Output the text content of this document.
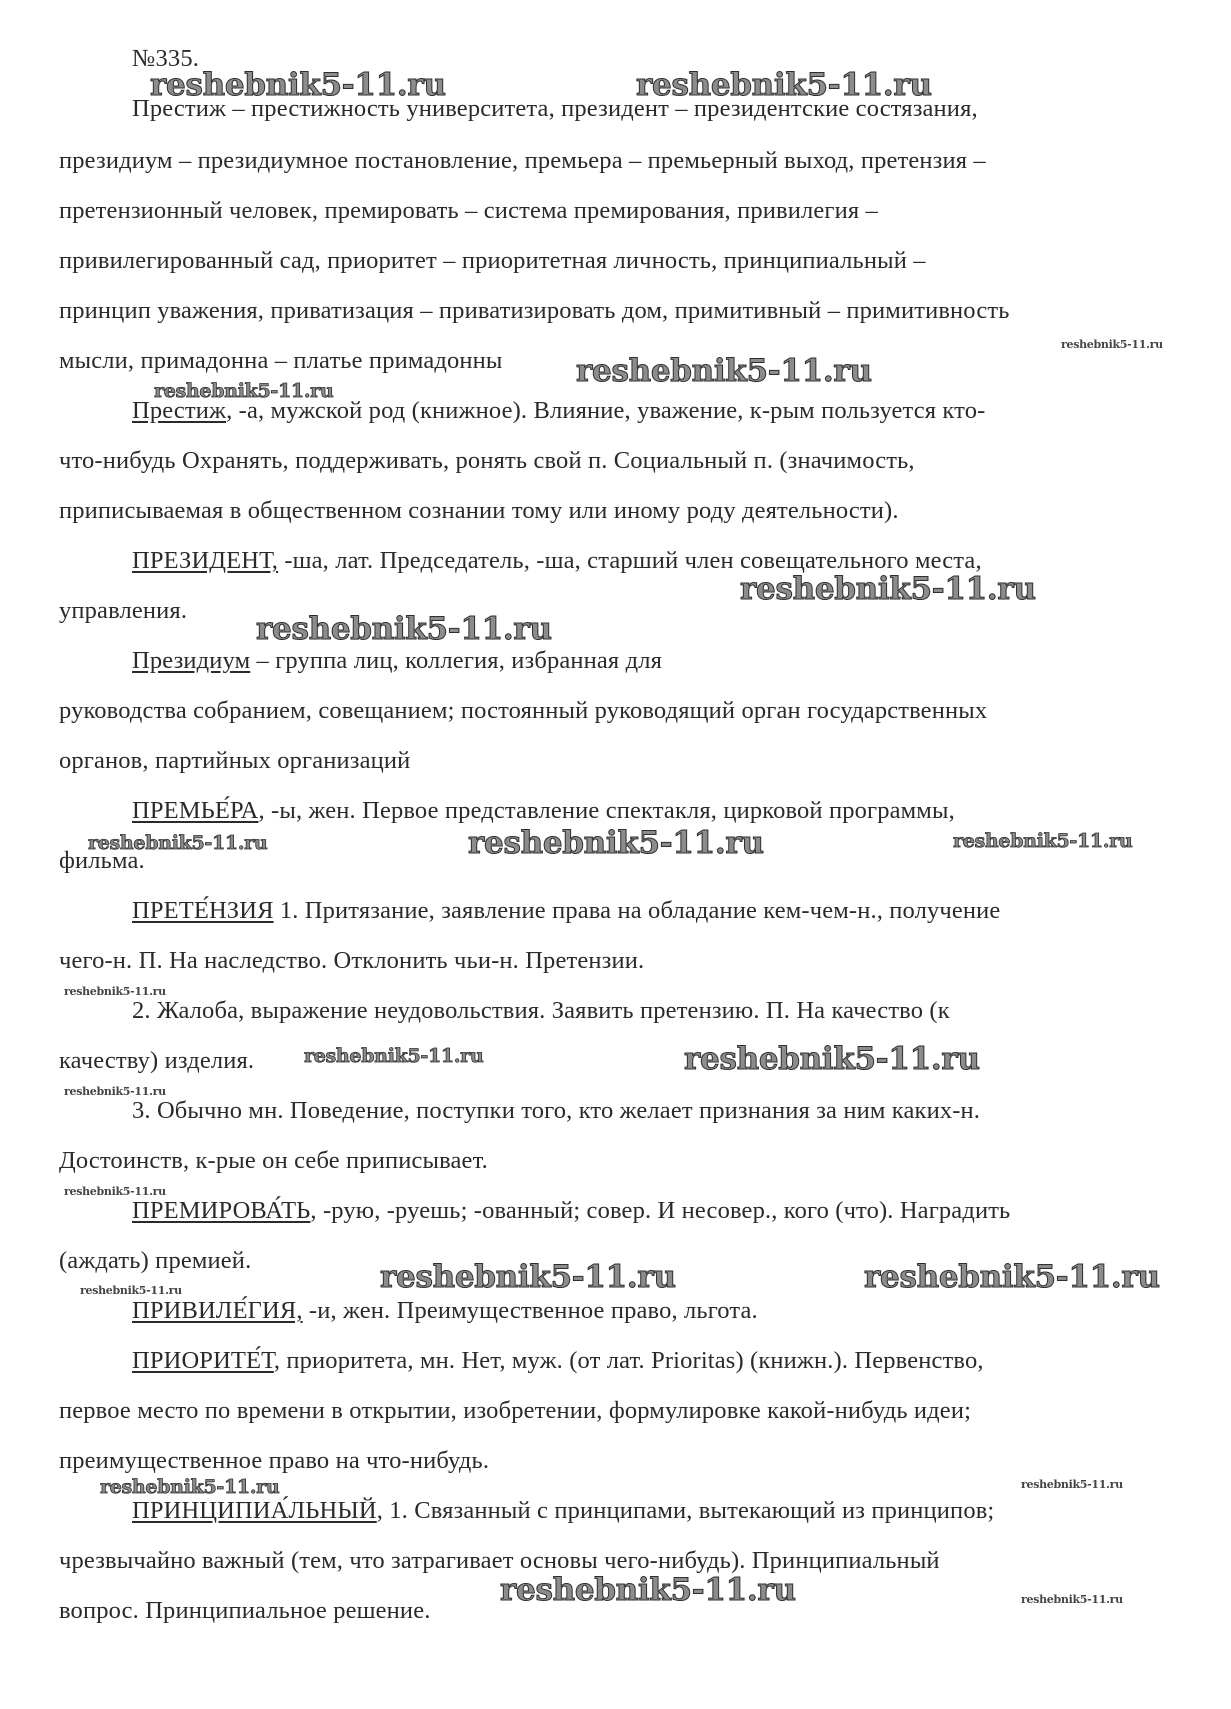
№335.
Престиж – престижность университета, президент – президентские состязания,
президиум – президиумное постановление, премьера – премьерный выход, претензия –
претензионный человек, премировать – система премирования, привилегия –
привилегированный сад, приоритет – приоритетная личность, принципиальный –
принцип уважения, приватизация – приватизировать дом, примитивный – примитивность
мысли, примадонна – платье примадонны
Престиж, -а, мужской род (книжное). Влияние, уважение, к-рым пользуется кто-
что-нибудь Охранять, поддерживать, ронять свой п. Социальный п. (значимость,
приписываемая в общественном сознании тому или иному роду деятельности).
ПРЕЗИДЕНТ, -ша, лат. Председатель, -ша, старший член совещательного места,
управления.
Президиум – группа лиц, коллегия, избранная для
руководства собранием, совещанием; постоянный руководящий орган государственных
органов, партийных организаций
ПРЕМЬЕ́РА, -ы, жен. Первое представление спектакля, цирковой программы,
фильма.
ПРЕТЕ́НЗИЯ 1. Притязание, заявление права на обладание кем-чем-н., получение
чего-н. П. На наследство. Отклонить чьи-н. Претензии.
2. Жалоба, выражение неудовольствия. Заявить претензию. П. На качество (к
качеству) изделия.
3. Обычно мн. Поведение, поступки того, кто желает признания за ним каких-н.
Достоинств, к-рые он себе приписывает.
ПРЕМИРОВА́ТЬ, -рую, -руешь; -ованный; совер. И несовер., кого (что). Наградить
(аждать) премией.
ПРИВИЛЕ́ГИЯ, -и, жен. Преимущественное право, льгота.
ПРИОРИТЕ́Т, приоритета, мн. Нет, муж. (от лат. Prioritas) (книжн.). Первенство,
первое место по времени в открытии, изобретении, формулировке какой-нибудь идеи;
преимущественное право на что-нибудь.
ПРИНЦИПИА́ЛЬНЫЙ, 1. Связанный с принципами, вытекающий из принципов;
чрезвычайно важный (тем, что затрагивает основы чего-нибудь). Принципиальный
вопрос. Принципиальное решение.
reshebnik5-11.ru	reshebnik5-11.ru
reshebnik5-11.ru
reshebnik5-11.ru
reshebnik5-11.ru
reshebnik5-11.ru
reshebnik5-11.ru
reshebnik5-11.ru	reshebnik5-11.ru	reshebnik5-11.ru
reshebnik5-11.ru
reshebnik5-11.ru	reshebnik5-11.ru
reshebnik5-11.ru
reshebnik5-11.ru
reshebnik5-11.ru	reshebnik5-11.ru
reshebnik5-11.ru
reshebnik5-11.ru	reshebnik5-11.ru
reshebnik5-11.ru	reshebnik5-11.ru
